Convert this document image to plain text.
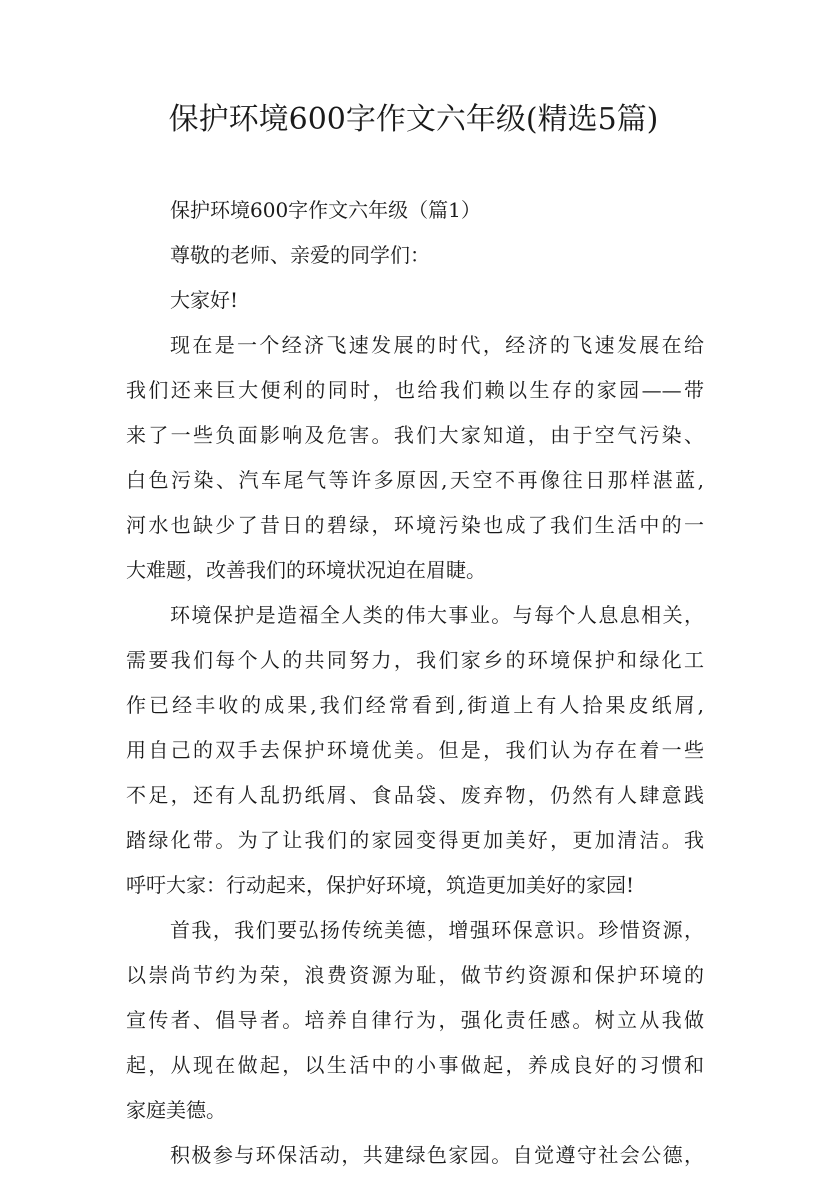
保护环境600字作文六年级(精选5篇)
保护环境600字作文六年级（篇1）
尊敬的老师、亲爱的同学们：
大家好!
现在是一个经济飞速发展的时代，经济的飞速发展在给
我们还来巨大便利的同时，也给我们赖以生存的家园——带
来了一些负面影响及危害。我们大家知道，由于空气污染、
白色污染、汽车尾气等许多原因,天空不再像往日那样湛蓝,
河水也缺少了昔日的碧绿，环境污染也成了我们生活中的一
大难题，改善我们的环境状况迫在眉睫。
环境保护是造福全人类的伟大事业。与每个人息息相关，
需要我们每个人的共同努力，我们家乡的环境保护和绿化工
作已经丰收的成果,我们经常看到,街道上有人拾果皮纸屑,
用自己的双手去保护环境优美。但是，我们认为存在着一些
不足，还有人乱扔纸屑、食品袋、废弃物，仍然有人肆意践
踏绿化带。为了让我们的家园变得更加美好，更加清洁。我
呼吁大家：行动起来，保护好环境，筑造更加美好的家园!
首我，我们要弘扬传统美德，增强环保意识。珍惜资源，
以崇尚节约为荣，浪费资源为耻，做节约资源和保护环境的
宣传者、倡导者。培养自律行为，强化责任感。树立从我做
起，从现在做起，以生活中的小事做起，养成良好的习惯和
家庭美德。
积极参与环保活动，共建绿色家园。自觉遵守社会公德，
